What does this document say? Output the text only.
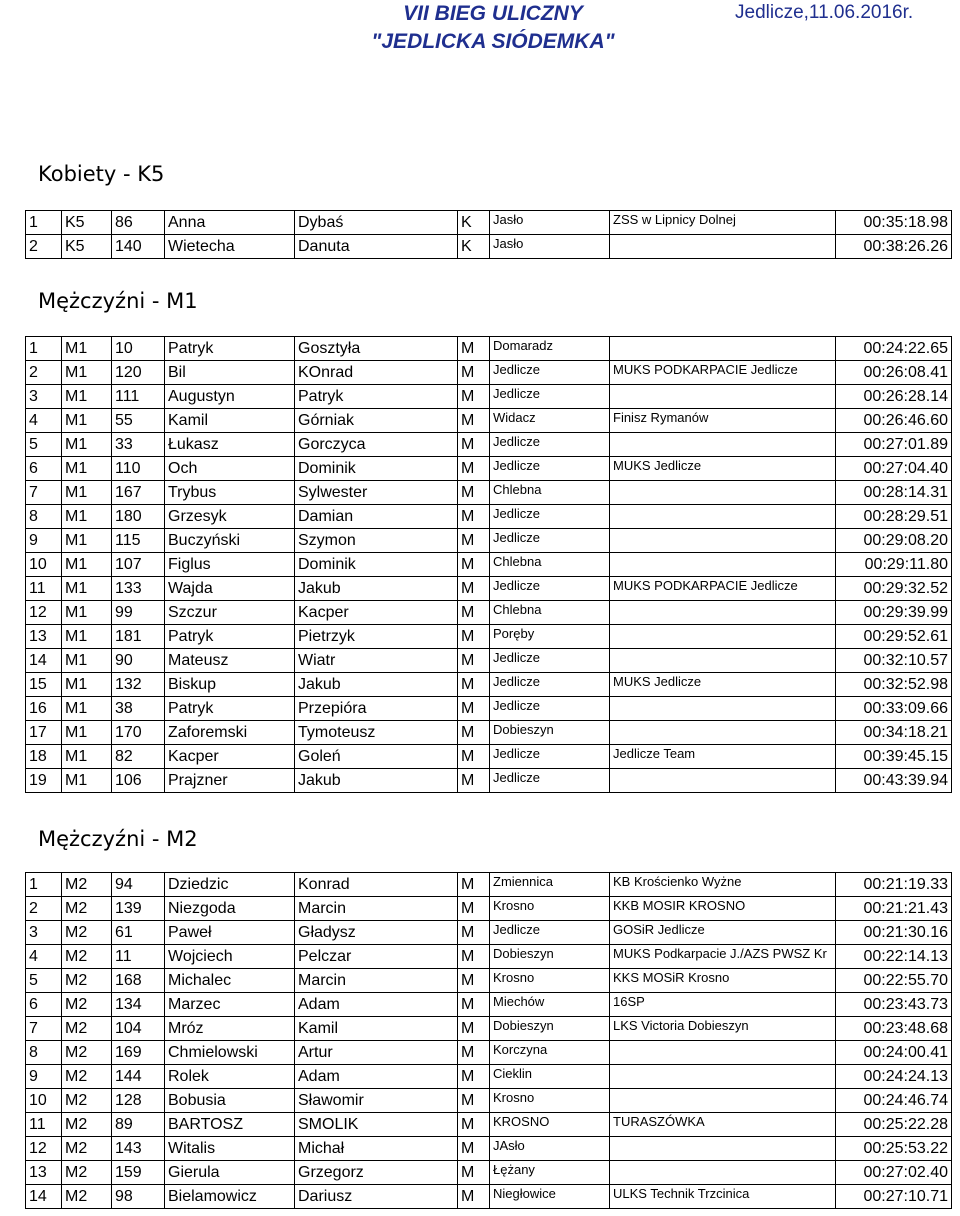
VII BIEG ULICZNY
"JEDLICKA SIÓDEMKA"
Jedlicze,11.06.2016r.
Kobiety - K5
1	K5	86	Anna	Dybaś	K	Jasło	ZSS w Lipnicy Dolnej	00:35:18.98
2	K5	140	Wietecha	Danuta	K	Jasło		00:38:26.26
Mężczyźni - M1
1	M1	10	Patryk	Gosztyła	M	Domaradz		00:24:22.65
2	M1	120	Bil	KOnrad	M	Jedlicze	MUKS PODKARPACIE Jedlicze	00:26:08.41
3	M1	111	Augustyn	Patryk	M	Jedlicze		00:26:28.14
4	M1	55	Kamil	Górniak	M	Widacz	Finisz Rymanów	00:26:46.60
5	M1	33	Łukasz	Gorczyca	M	Jedlicze		00:27:01.89
6	M1	110	Och	Dominik	M	Jedlicze	MUKS Jedlicze	00:27:04.40
7	M1	167	Trybus	Sylwester	M	Chlebna		00:28:14.31
8	M1	180	Grzesyk	Damian	M	Jedlicze		00:28:29.51
9	M1	115	Buczyński	Szymon	M	Jedlicze		00:29:08.20
10	M1	107	Figlus	Dominik	M	Chlebna		00:29:11.80
11	M1	133	Wajda	Jakub	M	Jedlicze	MUKS PODKARPACIE Jedlicze	00:29:32.52
12	M1	99	Szczur	Kacper	M	Chlebna		00:29:39.99
13	M1	181	Patryk	Pietrzyk	M	Poręby		00:29:52.61
14	M1	90	Mateusz	Wiatr	M	Jedlicze		00:32:10.57
15	M1	132	Biskup	Jakub	M	Jedlicze	MUKS Jedlicze	00:32:52.98
16	M1	38	Patryk	Przepióra	M	Jedlicze		00:33:09.66
17	M1	170	Zaforemski	Tymoteusz	M	Dobieszyn		00:34:18.21
18	M1	82	Kacper	Goleń	M	Jedlicze	Jedlicze Team	00:39:45.15
19	M1	106	Prajzner	Jakub	M	Jedlicze		00:43:39.94
Mężczyźni - M2
1	M2	94	Dziedzic	Konrad	M	Zmiennica	KB Krościenko Wyżne	00:21:19.33
2	M2	139	Niezgoda	Marcin	M	Krosno	KKB MOSIR KROSNO	00:21:21.43
3	M2	61	Paweł	Gładysz	M	Jedlicze	GOSiR Jedlicze	00:21:30.16
4	M2	11	Wojciech	Pelczar	M	Dobieszyn	MUKS Podkarpacie J./AZS PWSZ Kr	00:22:14.13
5	M2	168	Michalec	Marcin	M	Krosno	KKS MOSiR Krosno	00:22:55.70
6	M2	134	Marzec	Adam	M	Miechów	16SP	00:23:43.73
7	M2	104	Mróz	Kamil	M	Dobieszyn	LKS Victoria Dobieszyn	00:23:48.68
8	M2	169	Chmielowski	Artur	M	Korczyna		00:24:00.41
9	M2	144	Rolek	Adam	M	Cieklin		00:24:24.13
10	M2	128	Bobusia	Sławomir	M	Krosno		00:24:46.74
11	M2	89	BARTOSZ	SMOLIK	M	KROSNO	TURASZÓWKA	00:25:22.28
12	M2	143	Witalis	Michał	M	JAsło		00:25:53.22
13	M2	159	Gierula	Grzegorz	M	Łężany		00:27:02.40
14	M2	98	Bielamowicz	Dariusz	M	Niegłowice	ULKS Technik Trzcinica	00:27:10.71
